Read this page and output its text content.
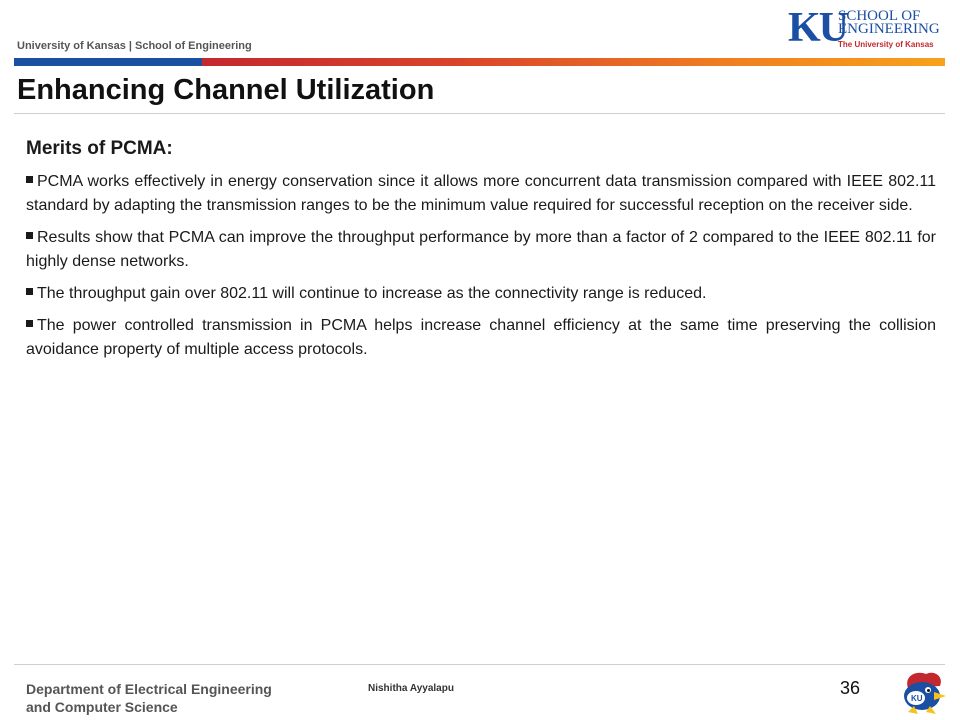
University of Kansas | School of Engineering	KU
SCHOOL OF
ENGINEERING
The University of Kansas
Enhancing Channel Utilization
Merits of PCMA:
PCMA works effectively in energy conservation since it allows more concurrent data transmission compared with IEEE 802.11 standard by adapting the transmission ranges to be the minimum value required for successful reception on the receiver side.
Results show that PCMA can improve the throughput performance by more than a factor of 2 compared to the IEEE 802.11 for highly dense networks.
The throughput gain over 802.11 will continue to increase as the connectivity range is reduced.
The power controlled transmission in PCMA helps increase channel efficiency at the same time preserving the collision avoidance property of multiple access protocols.
Department of Electrical Engineering
and Computer Science
Nishitha Ayyalapu	36
KU
